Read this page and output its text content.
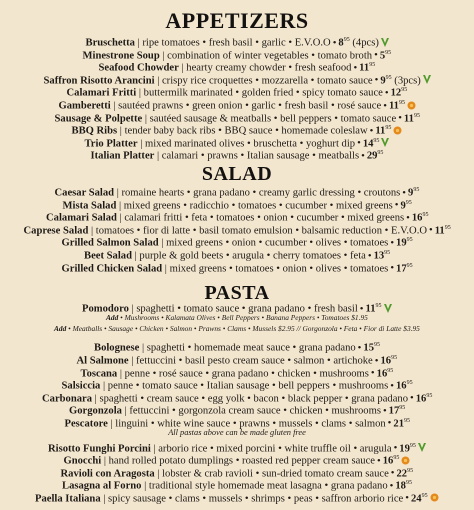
APPETIZERS
Bruschetta | ripe tomatoes • fresh basil • garlic • E.V.O.O • $8^{95}$ (4pcs)
Minestrone Soup | combination of winter vegetables • tomato broth • $5^{95}$
Seafood Chowder | hearty creamy chowder • fresh seafood • $11^{95}$
Saffron Risotto Arancini | crispy rice croquettes • mozzarella • tomato sauce • $9^{95}$ (3pcs)
Calamari Fritti | buttermilk marinated • golden fried • spicy tomato sauce • $12^{95}$
Gamberetti | sautéed prawns • green onion • garlic • fresh basil • rosé sauce • $11^{95}$
Sausage & Polpette | sautéed sausage & meatballs • bell peppers • tomato sauce • $11^{95}$
BBQ Ribs | tender baby back ribs • BBQ sauce • homemade coleslaw • $11^{95}$
Trio Platter | mixed marinated olives • bruschetta • yoghurt dip • $14^{95}$
Italian Platter | calamari • prawns • Italian sausage • meatballs • $29^{95}$
SALAD
Caesar Salad | romaine hearts • grana padano • creamy garlic dressing • croutons • $9^{95}$
Mista Salad | mixed greens • radicchio • tomatoes • cucumber • mixed greens • $9^{95}$
Calamari Salad | calamari fritti • feta • tomatoes • onion • cucumber • mixed greens • $16^{95}$
Caprese Salad | tomatoes • fior di latte • basil tomato emulsion • balsamic reduction • E.V.O.O • $11^{95}$
Grilled Salmon Salad | mixed greens • onion • cucumber • olives • tomatoes • $19^{95}$
Beet Salad | purple & gold beets • arugula • cherry tomatoes • feta • $13^{95}$
Grilled Chicken Salad | mixed greens • tomatoes • onion • olives • tomatoes • $17^{95}$
PASTA
Pomodoro | spaghetti • tomato sauce • grana padano • fresh basil • $11^{95}$
Add • Mushrooms • Kalamata Olives • Bell Peppers • Banana Peppers • Tomatoes $1.95
Add • Meatballs • Sausage • Chicken • Salmon • Prawns • Clams • Mussels $2.95 // Gorgonzola • Feta • Fior di Latte $3.95
Bolognese | spaghetti • homemade meat sauce • grana padano • $15^{95}$
Al Salmone | fettuccini • basil pesto cream sauce • salmon • artichoke • $16^{95}$
Toscana | penne • rosé sauce • grana padano • chicken • mushrooms • $16^{95}$
Salsiccia | penne • tomato sauce • Italian sausage • bell peppers • mushrooms • $16^{95}$
Carbonara | spaghetti • cream sauce • egg yolk • bacon • black pepper • grana padano • $16^{95}$
Gorgonzola | fettuccini • gorgonzola cream sauce • chicken • mushrooms • $17^{95}$
Pescatore | linguini • white wine sauce • prawns • mussels • clams • salmon • $21^{95}$
All pastas above can be made gluten free
Risotto Funghi Porcini | arborio rice • mixed porcini • white truffle oil • arugula • $19^{95}$
Gnocchi | hand rolled potato dumplings • roasted red pepper cream sauce • $16^{95}$
Ravioli con Aragosta | lobster & crab ravioli • sun-dried tomato cream sauce • $22^{95}$
Lasagna al Forno | traditional style homemade meat lasagna • grana padano • $18^{95}$
Paella Italiana | spicy sausage • clams • mussels • shrimps • peas • saffron arborio rice • $24^{95}$
